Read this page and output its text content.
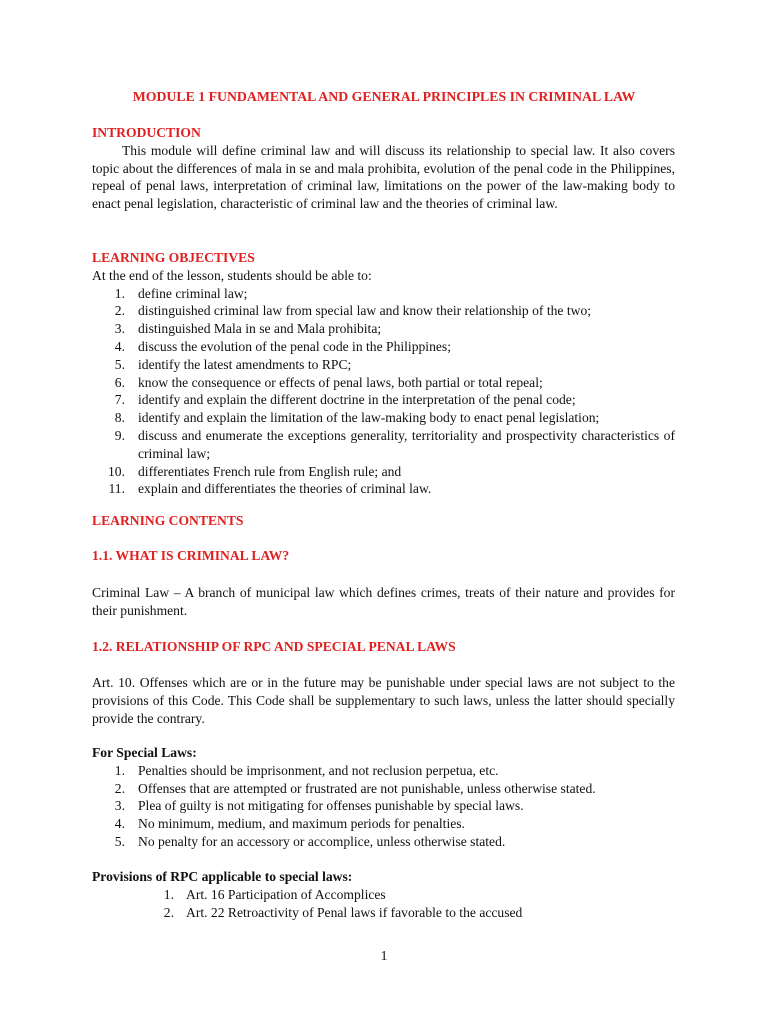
MODULE 1 FUNDAMENTAL AND GENERAL PRINCIPLES IN CRIMINAL LAW
INTRODUCTION
This module will define criminal law and will discuss its relationship to special law. It also covers topic about the differences of mala in se and mala prohibita, evolution of the penal code in the Philippines, repeal of penal laws, interpretation of criminal law, limitations on the power of the law-making body to enact penal legislation, characteristic of criminal law and the theories of criminal law.
LEARNING OBJECTIVES
At the end of the lesson, students should be able to:
1. define criminal law;
2. distinguished criminal law from special law and know their relationship of the two;
3. distinguished Mala in se and Mala prohibita;
4. discuss the evolution of the penal code in the Philippines;
5. identify the latest amendments to RPC;
6. know the consequence or effects of penal laws, both partial or total repeal;
7. identify and explain the different doctrine in the interpretation of the penal code;
8. identify and explain the limitation of the law-making body to enact penal legislation;
9. discuss and enumerate the exceptions generality, territoriality and prospectivity characteristics of criminal law;
10. differentiates French rule from English rule; and
11. explain and differentiates the theories of criminal law.
LEARNING CONTENTS
1.1. WHAT IS CRIMINAL LAW?
Criminal Law – A branch of municipal law which defines crimes, treats of their nature and provides for their punishment.
1.2. RELATIONSHIP OF RPC AND SPECIAL PENAL LAWS
Art. 10. Offenses which are or in the future may be punishable under special laws are not subject to the provisions of this Code. This Code shall be supplementary to such laws, unless the latter should specially provide the contrary.
For Special Laws:
1. Penalties should be imprisonment, and not reclusion perpetua, etc.
2. Offenses that are attempted or frustrated are not punishable, unless otherwise stated.
3. Plea of guilty is not mitigating for offenses punishable by special laws.
4. No minimum, medium, and maximum periods for penalties.
5. No penalty for an accessory or accomplice, unless otherwise stated.
Provisions of RPC applicable to special laws:
1. Art. 16 Participation of Accomplices
2. Art. 22 Retroactivity of Penal laws if favorable to the accused
1
